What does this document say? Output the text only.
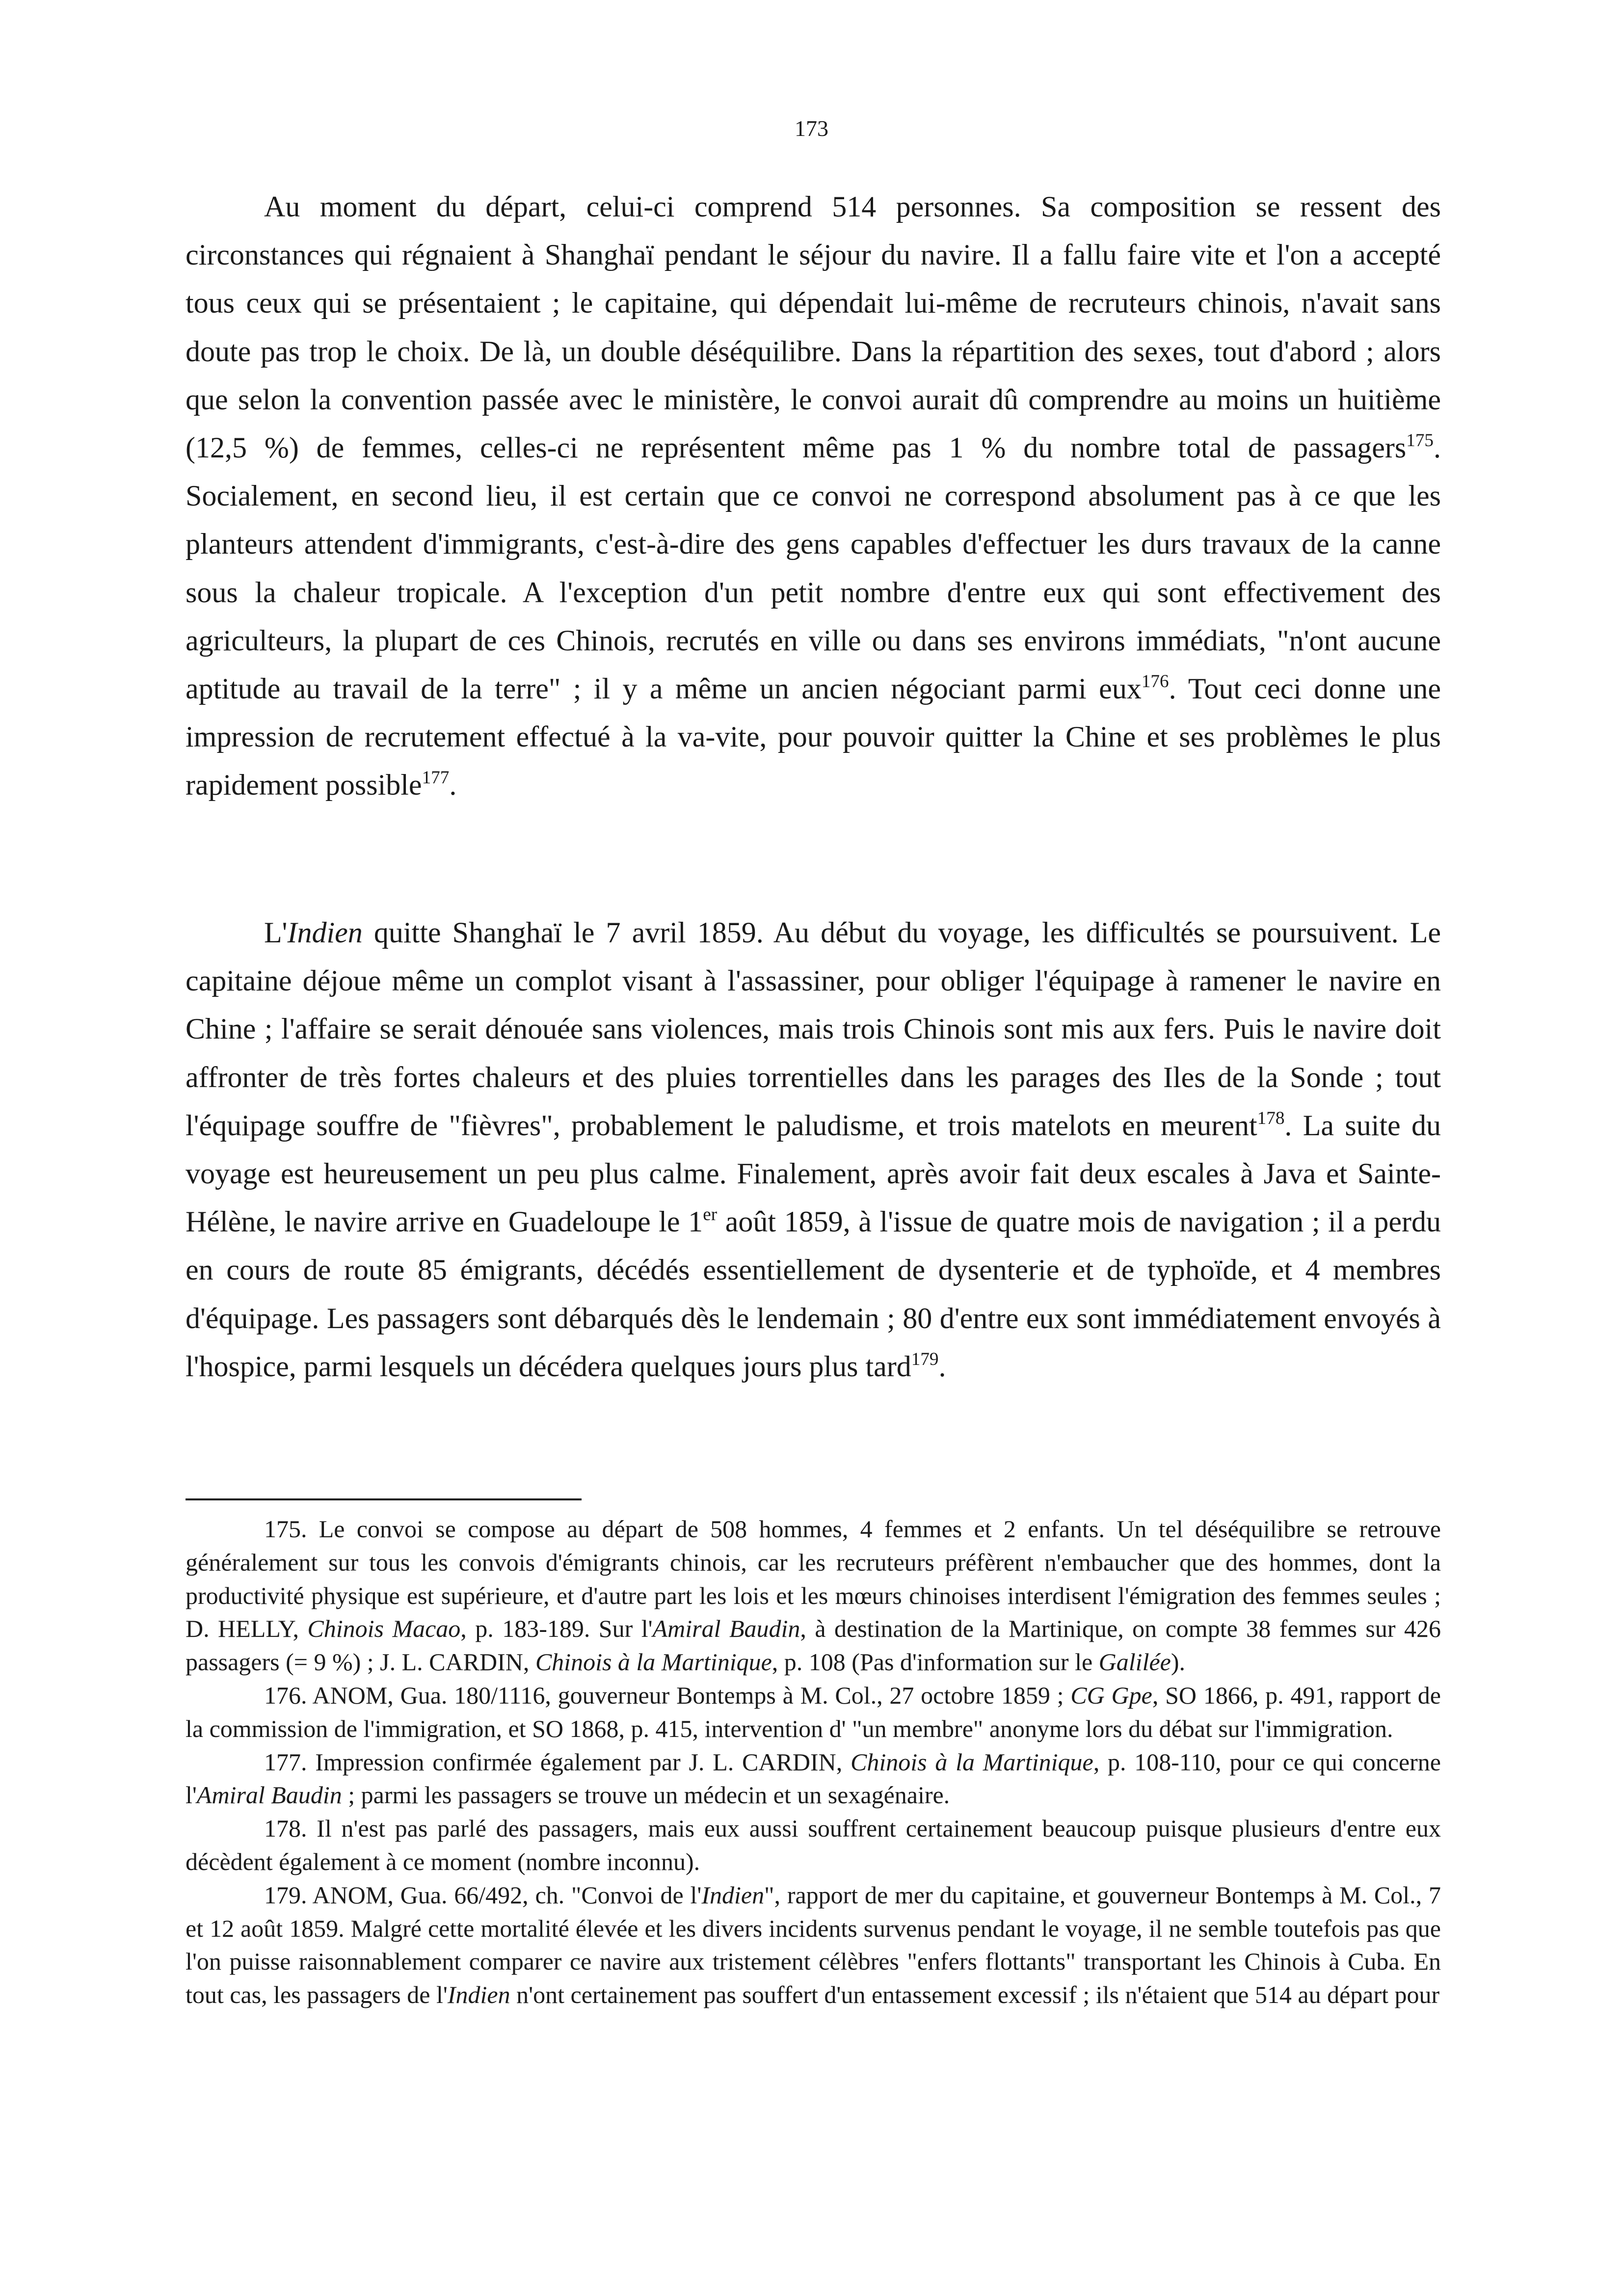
173

Au moment du départ, celui-ci comprend 514 personnes. Sa composition se ressent des circonstances qui régnaient à Shanghaï pendant le séjour du navire. Il a fallu faire vite et l'on a accepté tous ceux qui se présentaient ; le capitaine, qui dépendait lui-même de recruteurs chinois, n'avait sans doute pas trop le choix. De là, un double déséquilibre. Dans la répartition des sexes, tout d'abord ; alors que selon la convention passée avec le ministère, le convoi aurait dû comprendre au moins un huitième (12,5 %) de femmes, celles-ci ne représentent même pas 1 % du nombre total de passagers$^{175}$. Socialement, en second lieu, il est certain que ce convoi ne correspond absolument pas à ce que les planteurs attendent d'immigrants, c'est-à-dire des gens capables d'effectuer les durs travaux de la canne sous la chaleur tropicale. A l'exception d'un petit nombre d'entre eux qui sont effectivement des agriculteurs, la plupart de ces Chinois, recrutés en ville ou dans ses environs immédiats, "n'ont aucune aptitude au travail de la terre" ; il y a même un ancien négociant parmi eux$^{176}$. Tout ceci donne une impression de recrutement effectué à la va-vite, pour pouvoir quitter la Chine et ses problèmes le plus rapidement possible$^{177}$.

L'Indien quitte Shanghaï le 7 avril 1859. Au début du voyage, les difficultés se poursuivent. Le capitaine déjoue même un complot visant à l'assassiner, pour obliger l'équipage à ramener le navire en Chine ; l'affaire se serait dénouée sans violences, mais trois Chinois sont mis aux fers. Puis le navire doit affronter de très fortes chaleurs et des pluies torrentielles dans les parages des Iles de la Sonde ; tout l'équipage souffre de "fièvres", probablement le paludisme, et trois matelots en meurent$^{178}$. La suite du voyage est heureusement un peu plus calme. Finalement, après avoir fait deux escales à Java et Sainte-Hélène, le navire arrive en Guadeloupe le 1er août 1859, à l'issue de quatre mois de navigation ; il a perdu en cours de route 85 émigrants, décédés essentiellement de dysenterie et de typhoïde, et 4 membres d'équipage. Les passagers sont débarqués dès le lendemain ; 80 d'entre eux sont immédiatement envoyés à l'hospice, parmi lesquels un décédera quelques jours plus tard$^{179}$.

175. Le convoi se compose au départ de 508 hommes, 4 femmes et 2 enfants. Un tel déséquilibre se retrouve généralement sur tous les convois d'émigrants chinois, car les recruteurs préfèrent n'embaucher que des hommes, dont la productivité physique est supérieure, et d'autre part les lois et les mœurs chinoises interdisent l'émigration des femmes seules ; D. HELLY, Chinois Macao, p. 183-189. Sur l'Amiral Baudin, à destination de la Martinique, on compte 38 femmes sur 426 passagers (= 9 %) ; J. L. CARDIN, Chinois à la Martinique, p. 108 (Pas d'information sur le Galilée).

176. ANOM, Gua. 180/1116, gouverneur Bontemps à M. Col., 27 octobre 1859 ; CG Gpe, SO 1866, p. 491, rapport de la commission de l'immigration, et SO 1868, p. 415, intervention d' "un membre" anonyme lors du débat sur l'immigration.

177. Impression confirmée également par J. L. CARDIN, Chinois à la Martinique, p. 108-110, pour ce qui concerne l'Amiral Baudin ; parmi les passagers se trouve un médecin et un sexagénaire.

178. Il n'est pas parlé des passagers, mais eux aussi souffrent certainement beaucoup puisque plusieurs d'entre eux décèdent également à ce moment (nombre inconnu).

179. ANOM, Gua. 66/492, ch. "Convoi de l'Indien", rapport de mer du capitaine, et gouverneur Bontemps à M. Col., 7 et 12 août 1859. Malgré cette mortalité élevée et les divers incidents survenus pendant le voyage, il ne semble toutefois pas que l'on puisse raisonnablement comparer ce navire aux tristement célèbres "enfers flottants" transportant les Chinois à Cuba. En tout cas, les passagers de l'Indien n'ont certainement pas souffert d'un entassement excessif ; ils n'étaient que 514 au départ pour
